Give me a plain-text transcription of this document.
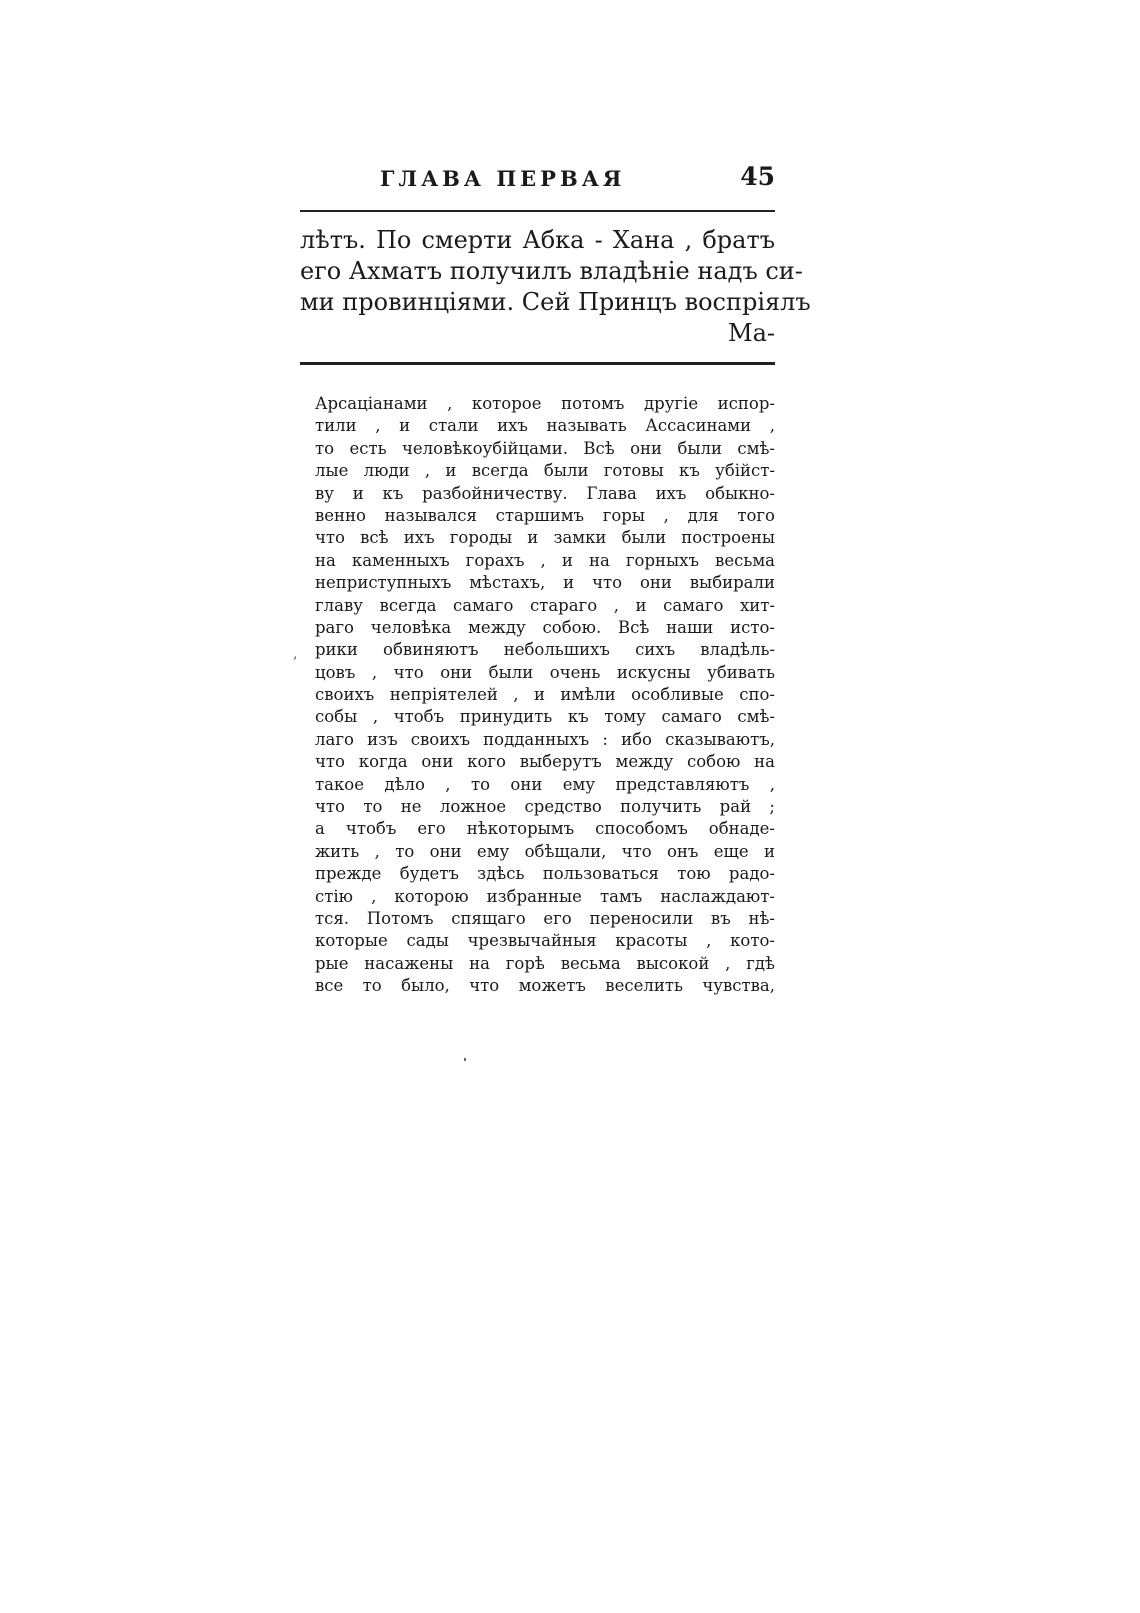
ГЛАВА ПЕРВАЯ	45
лѣтъ. По смерти Абка - Хана , братъ
его Ахматъ получилъ владѣніе надъ си-
ми провинціями. Сей Принцъ воспріялъ
Ма-
Арсаціанами , которое потомъ другіе испор-
тили , и стали ихъ называть Ассасинами ,
то есть человѣкоубійцами. Всѣ они были смѣ-
лые люди , и всегда были готовы къ убійст-
ву и къ разбойничеству. Глава ихъ обыкно-
венно назывался старшимъ горы , для того
что всѣ ихъ городы и замки были построены
на каменныхъ горахъ , и на горныхъ весьма
неприступныхъ мѣстахъ, и что они выбирали
главу всегда самаго стараго , и самаго хит-
раго человѣка между собою. Всѣ наши исто-
рики обвиняютъ небольшихъ сихъ владѣль-
цовъ , что они были очень искусны убивать
своихъ непріятелей , и имѣли особливые спо-
собы , чтобъ принудить къ тому самаго смѣ-
лаго изъ своихъ подданныхъ : ибо сказываютъ,
что когда они кого выберутъ между собою на
такое дѣло , то они ему представляютъ ,
что то не ложное средство получить рай ;
а чтобъ его нѣкоторымъ способомъ обнаде-
жить , то они ему обѣщали, что онъ еще и
прежде будетъ здѣсь пользоваться тою радо-
стію , которою избранные тамъ наслаждают-
тся. Потомъ спящаго его переносили въ нѣ-
которые сады чрезвычайныя красоты , кото-
рые насажены на горѣ весьма высокой , гдѣ
все то было, что можетъ веселить чувства,
,
